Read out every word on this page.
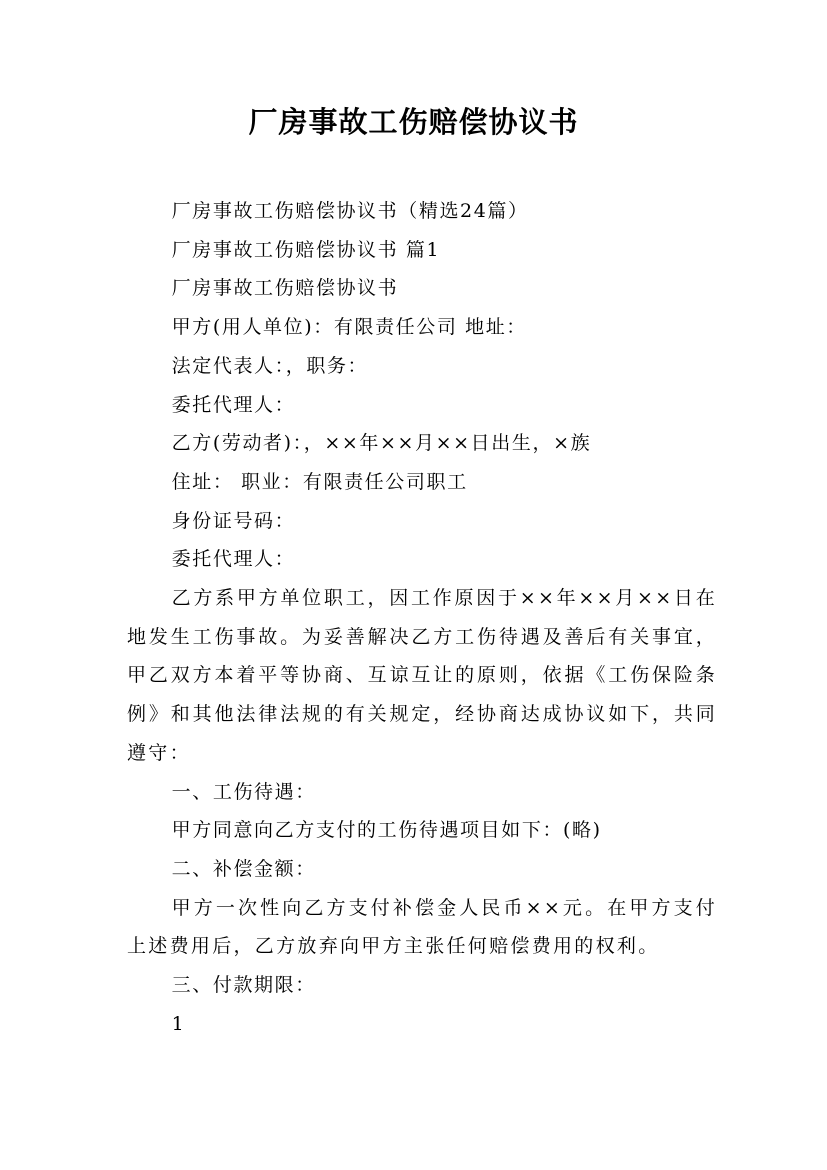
厂房事故工伤赔偿协议书

厂房事故工伤赔偿协议书（精选24篇）

厂房事故工伤赔偿协议书 篇1

厂房事故工伤赔偿协议书

甲方(用人单位)：有限责任公司 地址：

法定代表人：，职务：

委托代理人：

乙方(劳动者)：，××年××月××日出生，×族

住址： 职业：有限责任公司职工

身份证号码：

委托代理人：

乙方系甲方单位职工，因工作原因于××年××月××日在地发生工伤事故。为妥善解决乙方工伤待遇及善后有关事宜，甲乙双方本着平等协商、互谅互让的原则，依据《工伤保险条例》和其他法律法规的有关规定，经协商达成协议如下，共同遵守：

一、工伤待遇：

甲方同意向乙方支付的工伤待遇项目如下：(略)

二、补偿金额：

甲方一次性向乙方支付补偿金人民币××元。在甲方支付上述费用后，乙方放弃向甲方主张任何赔偿费用的权利。

三、付款期限：

1
